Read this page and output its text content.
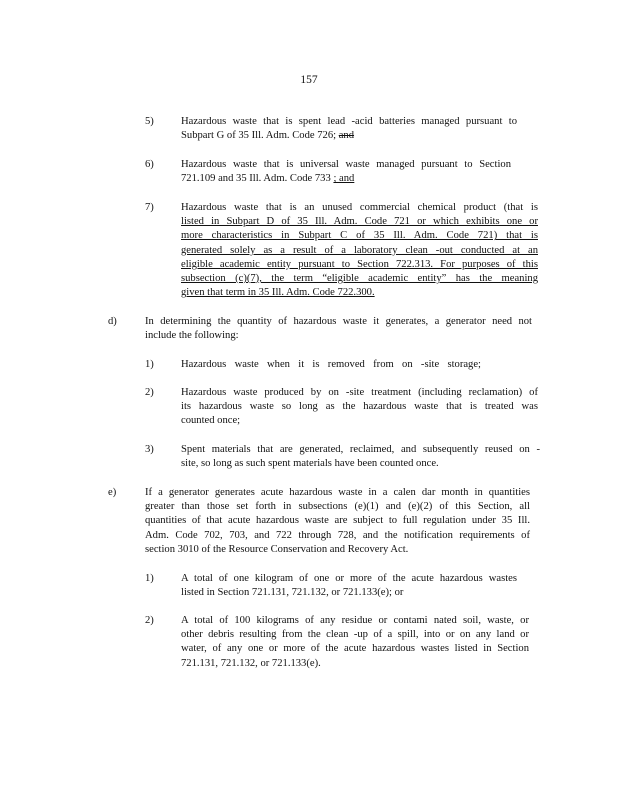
157
5)	Hazardous waste that is spent lead -acid batteries managed pursuant to
Subpart G of 35 Ill. Adm. Code 726; and
6)	Hazardous waste that is universal waste managed pursuant to Section
721.109 and 35 Ill. Adm. Code 733 ; and
7)	Hazardous waste that is an unused commercial chemical product (that is
listed in Subpart D of 35 Ill. Adm. Code 721 or which exhibits one or
more characteristics in Subpart C of 35 Ill. Adm. Code 721) that is
generated solely as a result of a laboratory clean -out conducted at an
eligible academic entity pursuant to Section 722.313. For purposes of this
subsection (c)(7), the term “eligible academic entity” has the meaning
given that term in 35 Ill. Adm. Code 722.300.
d)	In determining the quantity of hazardous waste it generates, a generator need not
include the following:
1)	Hazardous waste when it is removed from on -site storage;
2)	Hazardous waste produced by on -site treatment (including reclamation) of
its hazardous waste so long as the hazardous waste that is treated was
counted once;
3)	Spent materials that are generated, reclaimed, and subsequently reused on -
site, so long as such spent materials have been counted once.
e)	If a generator generates acute hazardous waste in a calen dar month in quantities
greater than those set forth in subsections (e)(1) and (e)(2) of this Section, all
quantities of that acute hazardous waste are subject to full regulation under 35 Ill.
Adm. Code 702, 703, and 722 through 728, and the notification requirements of
section 3010 of the Resource Conservation and Recovery Act.
1)	A total of one kilogram of one or more of the acute hazardous wastes
listed in Section 721.131, 721.132, or 721.133(e); or
2)	A total of 100 kilograms of any residue or contami nated soil, waste, or
other debris resulting from the clean -up of a spill, into or on any land or
water, of any one or more of the acute hazardous wastes listed in Section
721.131, 721.132, or 721.133(e).
